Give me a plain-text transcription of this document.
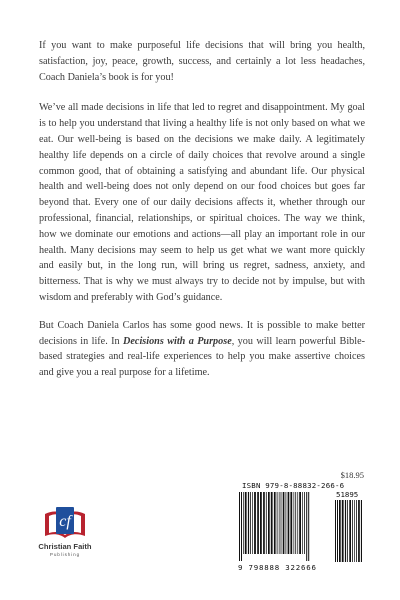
If you want to make purposeful life decisions that will bring you health, satisfaction, joy, peace, growth, success, and certainly a lot less headaches, Coach Daniela’s book is for you!

We’ve all made decisions in life that led to regret and disappointment. My goal is to help you understand that living a healthy life is not only based on what we eat. Our well-being is based on the decisions we make daily. A legitimately healthy life depends on a circle of daily choices that revolve around a single common good, that of obtaining a satisfying and abundant life. Our physical health and well-being does not only depend on our food choices but goes far beyond that. Every one of our daily decisions affects it, whether through our professional, financial, relationships, or spiritual choices. The way we think, how we dominate our emotions and actions—all play an important role in our health. Many decisions may seem to help us get what we want more quickly and easily but, in the long run, will bring us regret, sadness, anxiety, and bitterness. That is why we must always try to decide not by impulse, but with wisdom and preferably with God’s guidance.

But Coach Daniela Carlos has some good news. It is possible to make better decisions in life. In Decisions with a Purpose, you will learn powerful Bible-based strategies and real-life experiences to help you make assertive choices and give you a real purpose for a lifetime.

cf
Christian Faith
Publishing
$18.95
ISBN 979-8-88832-266-6
51895
9 798888 322666
